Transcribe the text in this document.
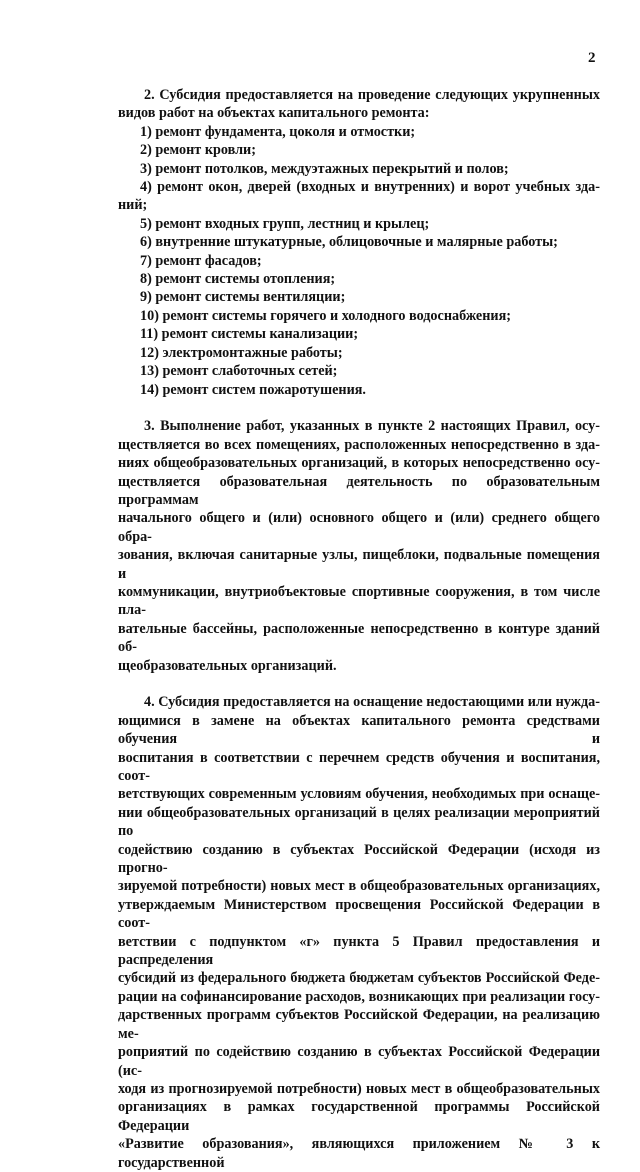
2

2. Субсидия предоставляется на проведение следующих укрупненных

видов работ на объектах капитального ремонта:

1) ремонт фундамента, цоколя и отмостки;

2) ремонт кровли;

3) ремонт потолков, междуэтажных перекрытий и полов;

4) ремонт окон, дверей (входных и внутренних) и ворот учебных зда-

ний;

5) ремонт входных групп, лестниц и крылец;

6) внутренние штукатурные, облицовочные и малярные работы;

7) ремонт фасадов;

8) ремонт системы отопления;

9) ремонт системы вентиляции;

10) ремонт системы горячего и холодного водоснабжения;

11) ремонт системы канализации;

12) электромонтажные работы;

13) ремонт слаботочных сетей;

14) ремонт систем пожаротушения.

3. Выполнение работ, указанных в пункте 2 настоящих Правил, осу-

ществляется во всех помещениях, расположенных непосредственно в зда-

ниях общеобразовательных организаций, в которых непосредственно осу-

ществляется образовательная деятельность по образовательным программам

начального общего и (или) основного общего и (или) среднего общего обра-

зования, включая санитарные узлы, пищеблоки, подвальные помещения и

коммуникации, внутриобъектовые спортивные сооружения, в том числе пла-

вательные бассейны, расположенные непосредственно в контуре зданий об-

щеобразовательных организаций.

4. Субсидия предоставляется на оснащение недостающими или нужда-

ющимися в замене на объектах капитального ремонта средствами обучения и

воспитания в соответствии с перечнем средств обучения и воспитания, соот-

ветствующих современным условиям обучения, необходимых при оснаще-

нии общеобразовательных организаций в целях реализации мероприятий по

содействию созданию в субъектах Российской Федерации (исходя из прогно-

зируемой потребности) новых мест в общеобразовательных организациях,

утверждаемым Министерством просвещения Российской Федерации в соот-

ветствии с подпунктом «г» пункта 5 Правил предоставления и распределения

субсидий из федерального бюджета бюджетам субъектов Российской Феде-

рации на софинансирование расходов, возникающих при реализации госу-

дарственных программ субъектов Российской Федерации, на реализацию ме-

роприятий по содействию созданию в субъектах Российской Федерации (ис-

ходя из прогнозируемой потребности) новых мест в общеобразовательных

организациях в рамках государственной программы Российской Федерации

«Развитие образования», являющихся приложением № 3 к государственной
